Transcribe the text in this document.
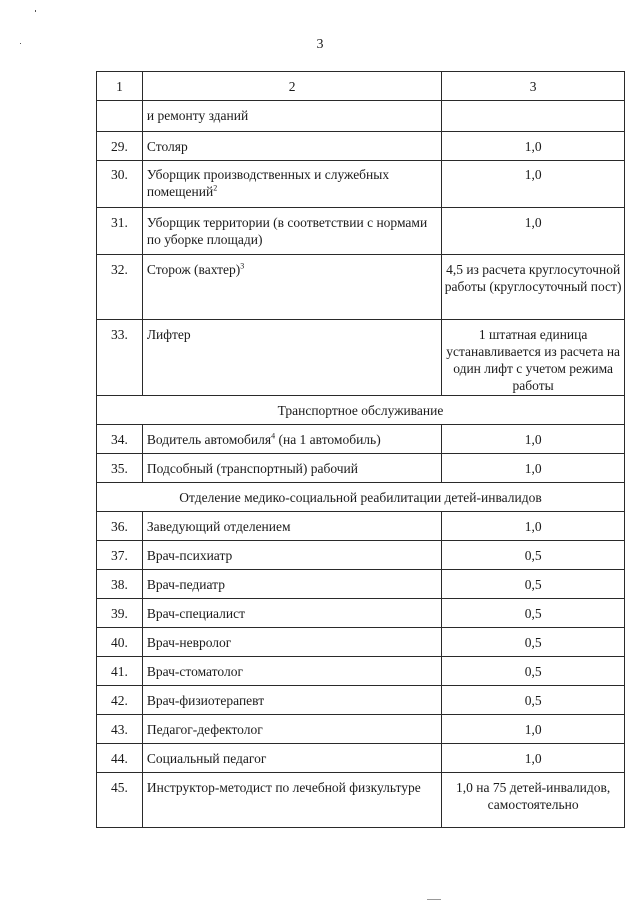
3
1	2	3
	и ремонту зданий	
29.	Столяр	1,0
30.	Уборщик производственных и служебных помещений$^2$	1,0
31.	Уборщик территории (в соответствии с нормами по уборке площади)	1,0
32.	Сторож (вахтер)$^3$	4,5 из расчета круглосуточной работы (круглосуточный пост)
33.	Лифтер	1 штатная единица устанавливается из расчета на один лифт с учетом режима работы
Транспортное обслуживание		
34.	Водитель автомобиля$^4$ (на 1 автомобиль)	1,0
35.	Подсобный (транспортный) рабочий	1,0
Отделение медико-социальной реабилитации детей-инвалидов		
36.	Заведующий отделением	1,0
37.	Врач-психиатр	0,5
38.	Врач-педиатр	0,5
39.	Врач-специалист	0,5
40.	Врач-невролог	0,5
41.	Врач-стоматолог	0,5
42.	Врач-физиотерапевт	0,5
43.	Педагог-дефектолог	1,0
44.	Социальный педагог	1,0
45.	Инструктор-методист по лечебной физкультуре	1,0 на 75 детей-инвалидов, самостоятельно
